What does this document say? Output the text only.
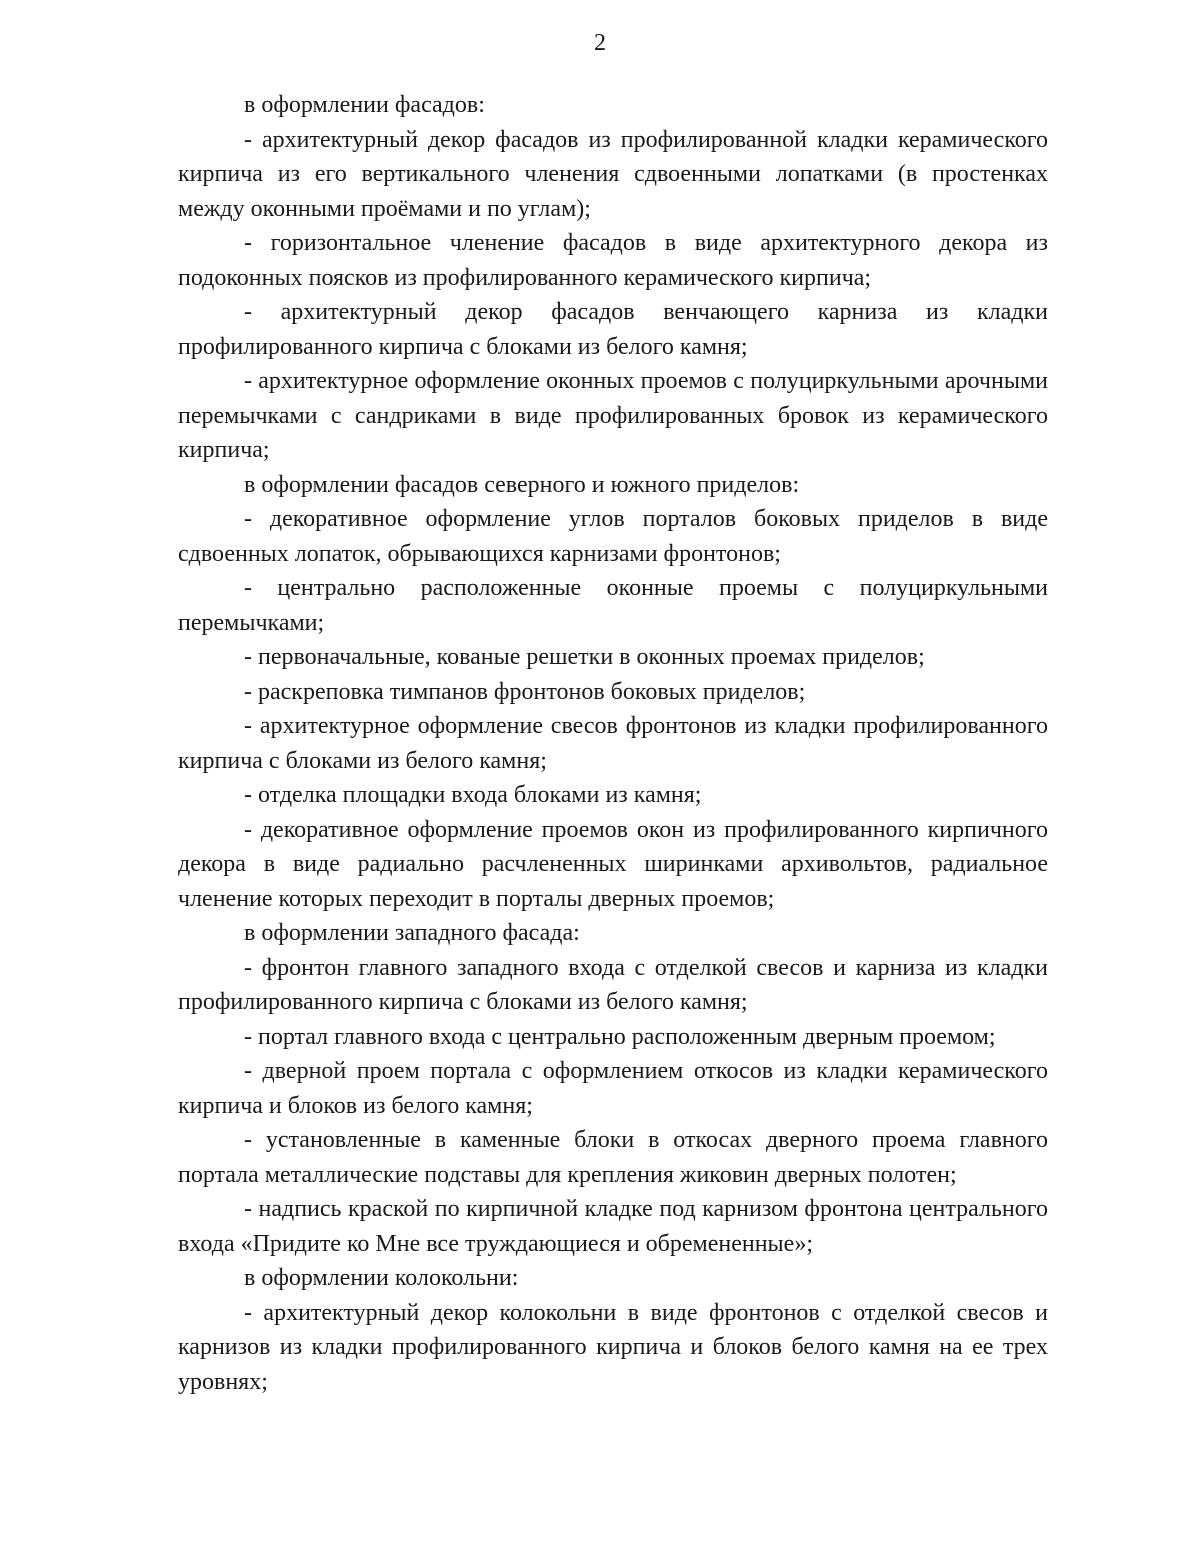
2

в оформлении фасадов:

- архитектурный декор фасадов из профилированной кладки керамического кирпича из его вертикального членения сдвоенными лопатками (в простенках между оконными проёмами и по углам);

- горизонтальное членение фасадов в виде архитектурного декора из подоконных поясков из профилированного керамического кирпича;

- архитектурный декор фасадов венчающего карниза из кладки профилированного кирпича с блоками из белого камня;

- архитектурное оформление оконных проемов с полуциркульными арочными перемычками с сандриками в виде профилированных бровок из керамического кирпича;

в оформлении фасадов северного и южного приделов:

- декоративное оформление углов порталов боковых приделов в виде сдвоенных лопаток, обрывающихся карнизами фронтонов;

- центрально расположенные оконные проемы с полуциркульными перемычками;

- первоначальные, кованые решетки в оконных проемах приделов;

- раскреповка тимпанов фронтонов боковых приделов;

- архитектурное оформление свесов фронтонов из кладки профилированного кирпича с блоками из белого камня;

- отделка площадки входа блоками из камня;

- декоративное оформление проемов окон из профилированного кирпичного декора в виде радиально расчлененных ширинками архивольтов, радиальное членение которых переходит в порталы дверных проемов;

в оформлении западного фасада:

- фронтон главного западного входа с отделкой свесов и карниза из кладки профилированного кирпича с блоками из белого камня;

- портал главного входа с центрально расположенным дверным проемом;

- дверной проем портала с оформлением откосов из кладки керамического кирпича и блоков из белого камня;

- установленные в каменные блоки в откосах дверного проема главного портала металлические подставы для крепления жиковин дверных полотен;

- надпись краской по кирпичной кладке под карнизом фронтона центрального входа «Придите ко Мне все труждающиеся и обремененные»;

в оформлении колокольни:

- архитектурный декор колокольни в виде фронтонов с отделкой свесов и карнизов из кладки профилированного кирпича и блоков белого камня на ее трех уровнях;
